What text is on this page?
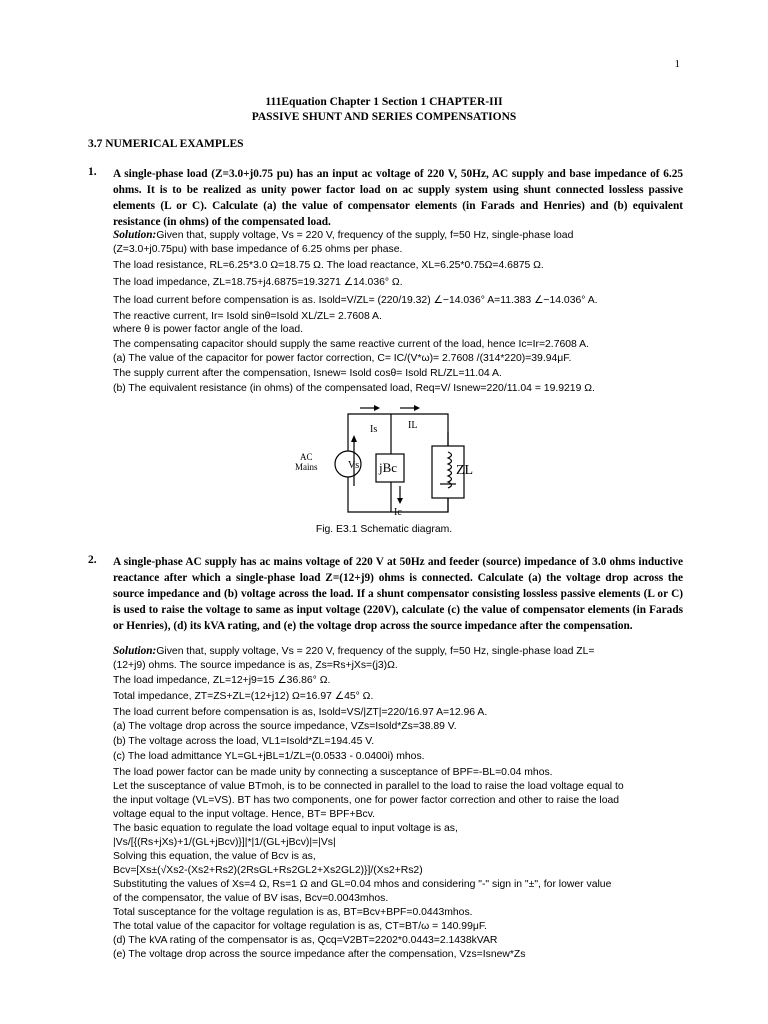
1
111Equation Chapter 1 Section 1 CHAPTER-III
PASSIVE SHUNT AND SERIES COMPENSATIONS
3.7 NUMERICAL EXAMPLES
1. A single-phase load (Z=3.0+j0.75 pu) has an input ac voltage of 220 V, 50Hz, AC supply and base impedance of 6.25 ohms. It is to be realized as unity power factor load on ac supply system using shunt connected lossless passive elements (L or C). Calculate (a) the value of compensator elements (in Farads and Henries) and (b) equivalent resistance (in ohms) of the compensated load.
Solution:Given that, supply voltage, Vs = 220 V, frequency of the supply, f=50 Hz, single-phase load
(Z=3.0+j0.75pu) with base impedance of 6.25 ohms per phase.
The load resistance, RL=6.25*3.0 Ω=18.75 Ω. The load reactance, XL=6.25*0.75Ω=4.6875 Ω.
The load impedance, ZL=18.75+j4.6875=19.3271 ∠14.036° Ω.
The load current before compensation is as. Isold=V/ZL= (220/19.32) ∠−14.036° A=11.383 ∠−14.036° A.
The reactive current, Ir= Isold sinθ=Isold XL/ZL= 2.7608 A.
where θ is power factor angle of the load.
The compensating capacitor should supply the same reactive current of the load, hence Ic=Ir=2.7608 A.
(a) The value of the capacitor for power factor correction, C= IC/(V*ω)= 2.7608 /(314*220)=39.94μF.
The supply current after the compensation, Isnew= Isold cosθ= Isold RL/ZL=11.04 A.
(b) The equivalent resistance (in ohms) of the compensated load, Req=V/ Isnew=220/11.04 = 19.9219 Ω.
AC
Mains	Vs
Is	IL
jBc	ZL
Ic
Fig. E3.1 Schematic diagram.
2. A single-phase AC supply has ac mains voltage of 220 V at 50Hz and feeder (source) impedance of 3.0 ohms inductive reactance after which a single-phase load Z=(12+j9) ohms is connected. Calculate (a) the voltage drop across the source impedance and (b) voltage across the load. If a shunt compensator consisting lossless passive elements (L or C) is used to raise the voltage to same as input voltage (220V), calculate (c) the value of compensator elements (in Farads or Henries), (d) its kVA rating, and (e) the voltage drop across the source impedance after the compensation.
Solution:Given that, supply voltage, Vs = 220 V, frequency of the supply, f=50 Hz, single-phase load ZL=
(12+j9) ohms. The source impedance is as, Zs=Rs+jXs=(j3)Ω.
The load impedance, ZL=12+j9=15 ∠36.86° Ω.
Total impedance, ZT=ZS+ZL=(12+j12) Ω=16.97 ∠45° Ω.
The load current before compensation is as, Isold=VS/|ZT|=220/16.97 A=12.96 A.
(a) The voltage drop across the source impedance, VZs=Isold*Zs=38.89 V.
(b) The voltage across the load, VL1=Isold*ZL=194.45 V.
(c) The load admittance YL=GL+jBL=1/ZL=(0.0533 - 0.0400i) mhos.
The load power factor can be made unity by connecting a susceptance of BPF=-BL=0.04 mhos.
Let the susceptance of value BTmoh, is to be connected in parallel to the load to raise the load voltage equal to
the input voltage (VL=VS). BT has two components, one for power factor correction and other to raise the load
voltage equal to the input voltage. Hence, BT= BPF+Bcv.
The basic equation to regulate the load voltage equal to input voltage is as,
|Vs/[{(Rs+jXs)+1/(GL+jBcv)}]|*|1/(GL+jBcv)|=|Vs|
Solving this equation, the value of Bcv is as,
Bcv=[Xs±(√Xs2-(Xs2+Rs2)(2RsGL+Rs2GL2+Xs2GL2)}]/(Xs2+Rs2)
Substituting the values of Xs=4 Ω, Rs=1 Ω and GL=0.04 mhos and considering "-" sign in "±", for lower value
of the compensator, the value of BV isas, Bcv=0.0043mhos.
Total susceptance for the voltage regulation is as, BT=Bcv+BPF=0.0443mhos.
The total value of the capacitor for voltage regulation is as, CT=BT/ω = 140.99μF.
(d) The kVA rating of the compensator is as, Qcq=V2BT=2202*0.0443=2.1438kVAR
(e) The voltage drop across the source impedance after the compensation, Vzs=Isnew*Zs
